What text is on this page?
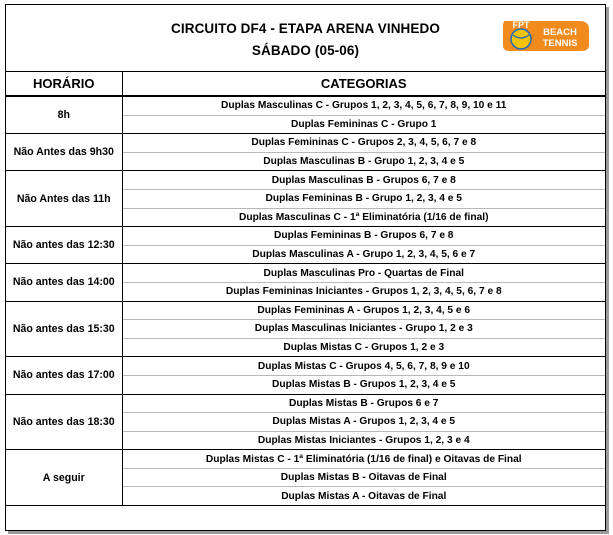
CIRCUITO DF4 - ETAPA ARENA VINHEDO
SÁBADO (05-06)
FPT
BEACH
TENNIS
HORÁRIO	CATEGORIAS
8h	Duplas Masculinas C - Grupos 1, 2, 3, 4, 5, 6, 7, 8, 9, 10 e 11
	Duplas Femininas C - Grupo 1
Não Antes das 9h30	Duplas Femininas C - Grupos 2, 3, 4, 5, 6, 7 e 8
	Duplas Masculinas B - Grupo 1, 2, 3, 4 e 5
Não Antes das 11h	Duplas Masculinas B - Grupos 6, 7 e 8
	Duplas Femininas B - Grupo 1, 2, 3, 4 e 5
	Duplas Masculinas C - 1ª Eliminatória (1/16 de final)
Não antes das 12:30	Duplas Femininas B - Grupos 6, 7 e 8
	Duplas Masculinas A - Grupo 1, 2, 3, 4, 5, 6 e 7
Não antes das 14:00	Duplas Masculinas Pro - Quartas de Final
	Duplas Femininas Iniciantes - Grupos 1, 2, 3, 4, 5, 6, 7 e 8
Não antes das 15:30	Duplas Femininas A - Grupos 1, 2, 3, 4, 5 e 6
	Duplas Masculinas Iniciantes - Grupo 1, 2 e 3
	Duplas Mistas C - Grupos 1, 2 e 3
Não antes das 17:00	Duplas Mistas C - Grupos 4, 5, 6, 7, 8, 9 e 10
	Duplas Mistas B - Grupos 1, 2, 3, 4 e 5
Não antes das 18:30	Duplas Mistas B - Grupos 6 e 7
	Duplas Mistas A - Grupos 1, 2, 3, 4 e 5
	Duplas Mistas Iniciantes - Grupos 1, 2, 3 e 4
A seguir	Duplas Mistas C - 1ª Eliminatória (1/16 de final) e Oitavas de Final
	Duplas Mistas B - Oitavas de Final
	Duplas Mistas A - Oitavas de Final
